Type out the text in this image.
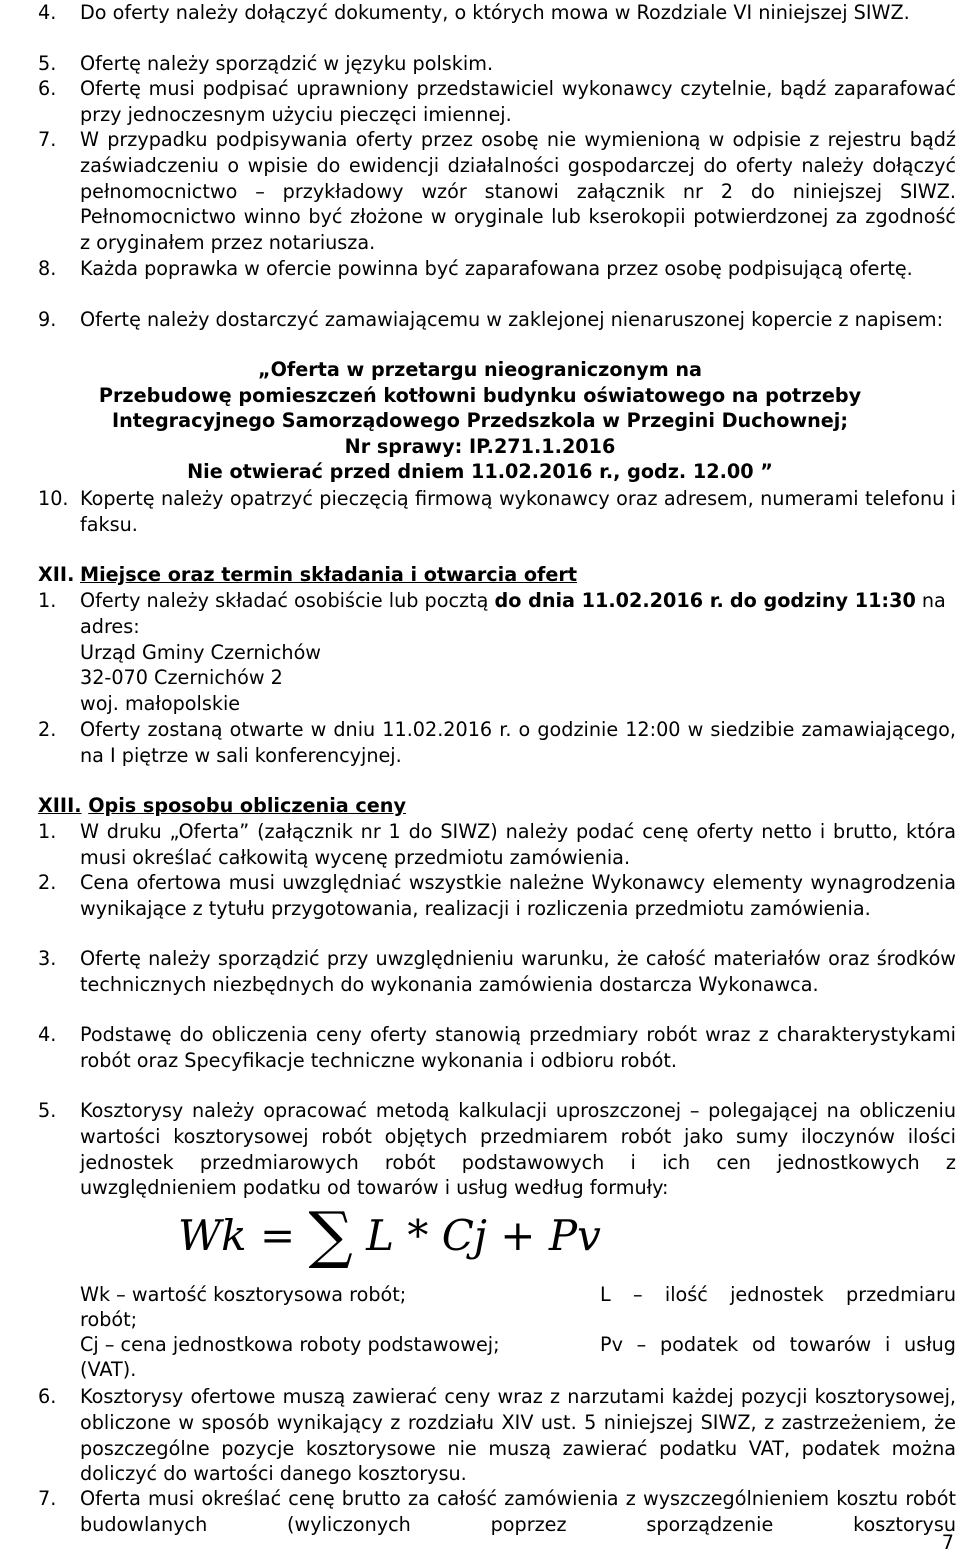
4. Do oferty należy dołączyć dokumenty, o których mowa w Rozdziale VI niniejszej SIWZ.
5. Ofertę należy sporządzić w języku polskim.
6. Ofertę musi podpisać uprawniony przedstawiciel wykonawcy czytelnie, bądź zaparafować przy jednoczesnym użyciu pieczęci imiennej.
7. W przypadku podpisywania oferty przez osobę nie wymienioną w odpisie z rejestru bądź zaświadczeniu o wpisie do ewidencji działalności gospodarczej do oferty należy dołączyć pełnomocnictwo – przykładowy wzór stanowi załącznik nr 2 do niniejszej SIWZ. Pełnomocnictwo winno być złożone w oryginale lub kserokopii potwierdzonej za zgodność z oryginałem przez notariusza.
8. Każda poprawka w ofercie powinna być zaparafowana przez osobę podpisującą ofertę.
9. Ofertę należy dostarczyć zamawiającemu w zaklejonej nienaruszonej kopercie z napisem:
„Oferta w przetargu nieograniczonym na
Przebudowę pomieszczeń kotłowni budynku oświatowego na potrzeby
Integracyjnego Samorządowego Przedszkola w Przegini Duchownej;
Nr sprawy: IP.271.1.2016
Nie otwierać przed dniem 11.02.2016 r., godz. 12.00 ”
10. Kopertę należy opatrzyć pieczęcią firmową wykonawcy oraz adresem, numerami telefonu i faksu.
XII. Miejsce oraz termin składania i otwarcia ofert
1. Oferty należy składać osobiście lub pocztą do dnia 11.02.2016 r. do godziny 11:30 na adres:
Urząd Gminy Czernichów
32-070 Czernichów 2
woj. małopolskie
2. Oferty zostaną otwarte w dniu 11.02.2016 r. o godzinie 12:00 w siedzibie zamawiającego, na I piętrze w sali konferencyjnej.
XIII. Opis sposobu obliczenia ceny
1. W druku „Oferta” (załącznik nr 1 do SIWZ) należy podać cenę oferty netto i brutto, która musi określać całkowitą wycenę przedmiotu zamówienia.
2. Cena ofertowa musi uwzględniać wszystkie należne Wykonawcy elementy wynagrodzenia wynikające z tytułu przygotowania, realizacji i rozliczenia przedmiotu zamówienia.
3. Ofertę należy sporządzić przy uwzględnieniu warunku, że całość materiałów oraz środków technicznych niezbędnych do wykonania zamówienia dostarcza Wykonawca.
4. Podstawę do obliczenia ceny oferty stanowią przedmiary robót wraz z charakterystykami robót oraz Specyfikacje techniczne wykonania i odbioru robót.
5. Kosztorysy należy opracować metodą kalkulacji uproszczonej – polegającej na obliczeniu wartości kosztorysowej robót objętych przedmiarem robót jako sumy iloczynów ilości jednostek przedmiarowych robót podstawowych i ich cen jednostkowych z uwzględnieniem podatku od towarów i usług według formuły:
Wk = ∑ L * Cj + Pv
Wk – wartość kosztorysowa robót;	L – ilość jednostek przedmiaru
robót;
Cj – cena jednostkowa roboty podstawowej;	Pv – podatek od towarów i usług
(VAT).
6. Kosztorysy ofertowe muszą zawierać ceny wraz z narzutami każdej pozycji kosztorysowej, obliczone w sposób wynikający z rozdziału XIV ust. 5 niniejszej SIWZ, z zastrzeżeniem, że poszczególne pozycje kosztorysowe nie muszą zawierać podatku VAT, podatek można doliczyć do wartości danego kosztorysu.
7. Oferta musi określać cenę brutto za całość zamówienia z wyszczególnieniem kosztu robót budowlanych (wyliczonych poprzez sporządzenie kosztorysu
7
